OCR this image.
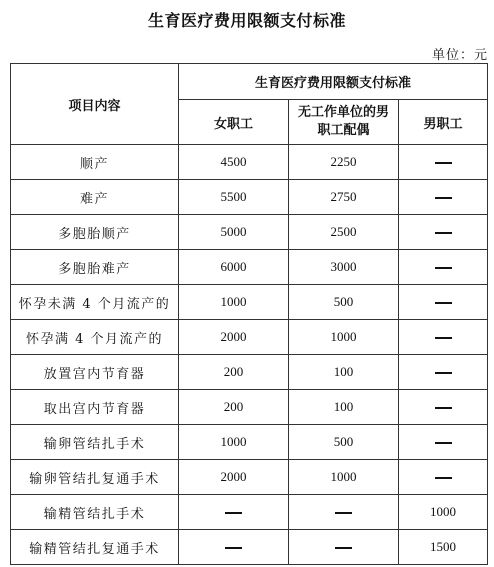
生育医疗费用限额支付标准
单位：元
项目内容	生育医疗费用限额支付标准		
	女职工	无工作单位的男职工配偶	男职工
顺产	4500	2250	
难产	5500	2750	
多胞胎顺产	5000	2500	
多胞胎难产	6000	3000	
怀孕未满 4 个月流产的	1000	500	
怀孕满 4 个月流产的	2000	1000	
放置宫内节育器	200	100	
取出宫内节育器	200	100	
输卵管结扎手术	1000	500	
输卵管结扎复通手术	2000	1000	
输精管结扎手术			1000
输精管结扎复通手术			1500
